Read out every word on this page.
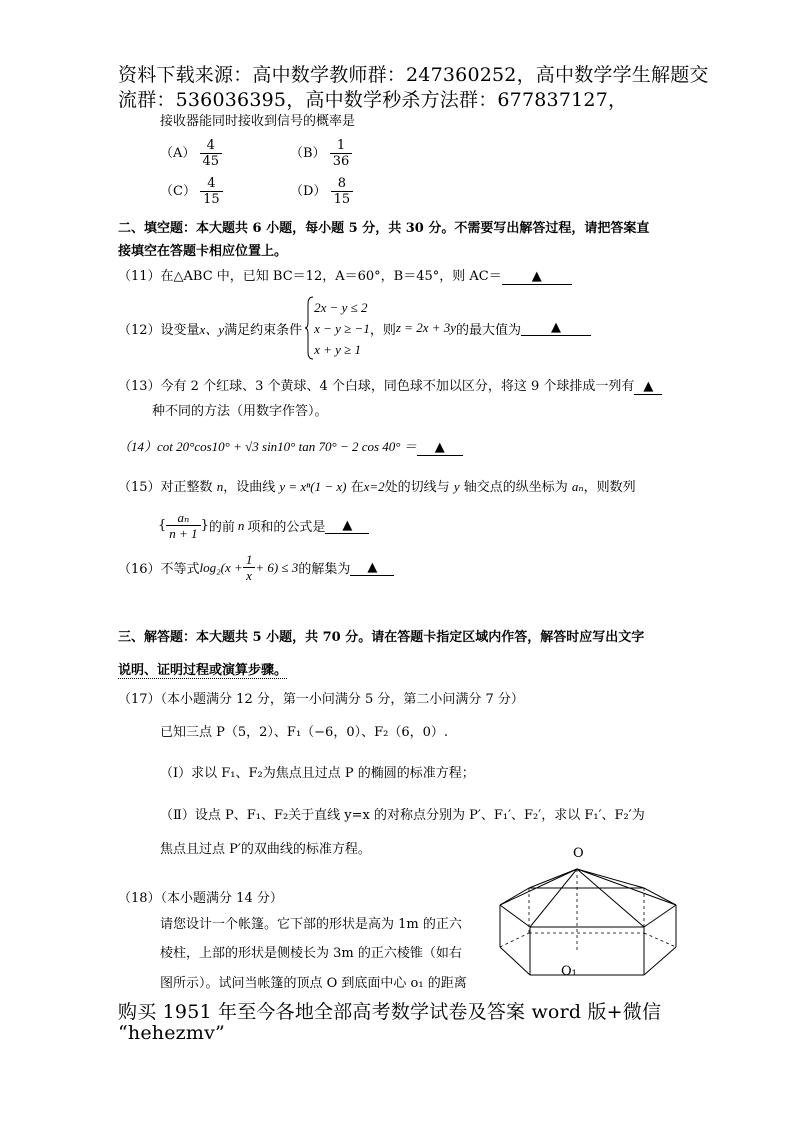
资料下载来源：高中数学教师群：247360252，高中数学学生解题交
流群：536036395，高中数学秒杀方法群：677837127，
接收器能同时接收到信号的概率是
$(A) \frac{4}{45}$	$(B) \frac{1}{36}$
$(C) \frac{4}{15}$	$(D) \frac{8}{15}$
二、填空题：本大题共 6 小题，每小题 5 分，共 30 分。不需要写出解答过程，请把答案直
接填空在答题卡相应位置上。
（11）在△ABC 中，已知 BC＝12，A＝60°，B＝45°，则 AC＝ ▲
（12）设变量 x、y 满足约束条件
2x − y ≤ 2
x − y ≥ −1
x + y ≥ 1
，则 z = 2x + 3y 的最大值为	▲
（13）今有 2 个红球、3 个黄球、4 个白球，同色球不加以区分，将这 9 个球排成一列有 ▲
种不同的方法（用数字作答）。
（14）cot 20°cos10° + √3 sin10° tan 70° − 2 cos 40° ＝ ▲
（15）对正整数 n，设曲线 y = xⁿ(1 − x) 在x=2处的切线与 y 轴交点的纵坐标为 aₙ，则数列
{ $\frac{\text{aₙ}}{n + 1}$ } 的前 n 项和的公式是	▲
（16）不等式 $\log_2(x + \frac{1}{x} + 6) \le 3$ 的解集为	▲
三、解答题：本大题共 5 小题，共 70 分。请在答题卡指定区域内作答，解答时应写出文字
说明、证明过程或演算步骤。
（17）（本小题满分 12 分，第一小问满分 5 分，第二小问满分 7 分）
已知三点 P（5，2）、F₁（−6，0）、F₂（6，0）.
（Ⅰ）求以 F₁、F₂为焦点且过点 P 的椭圆的标准方程；
（Ⅱ）设点 P、F₁、F₂关于直线 y=x 的对称点分别为 P′、F₁′、F₂′，求以 F₁′、F₂′为
焦点且过点 P′的双曲线的标准方程。
（18）（本小题满分 14 分）
请您设计一个帐篷。它下部的形状是高为 1m 的正六
棱柱，上部的形状是侧棱长为 3m 的正六棱锥（如右
图所示）。试问当帐篷的顶点 O 到底面中心 o₁ 的距离
O
O₁
购买 1951 年至今各地全部高考数学试卷及答案 word 版+微信
“hehezmv”
